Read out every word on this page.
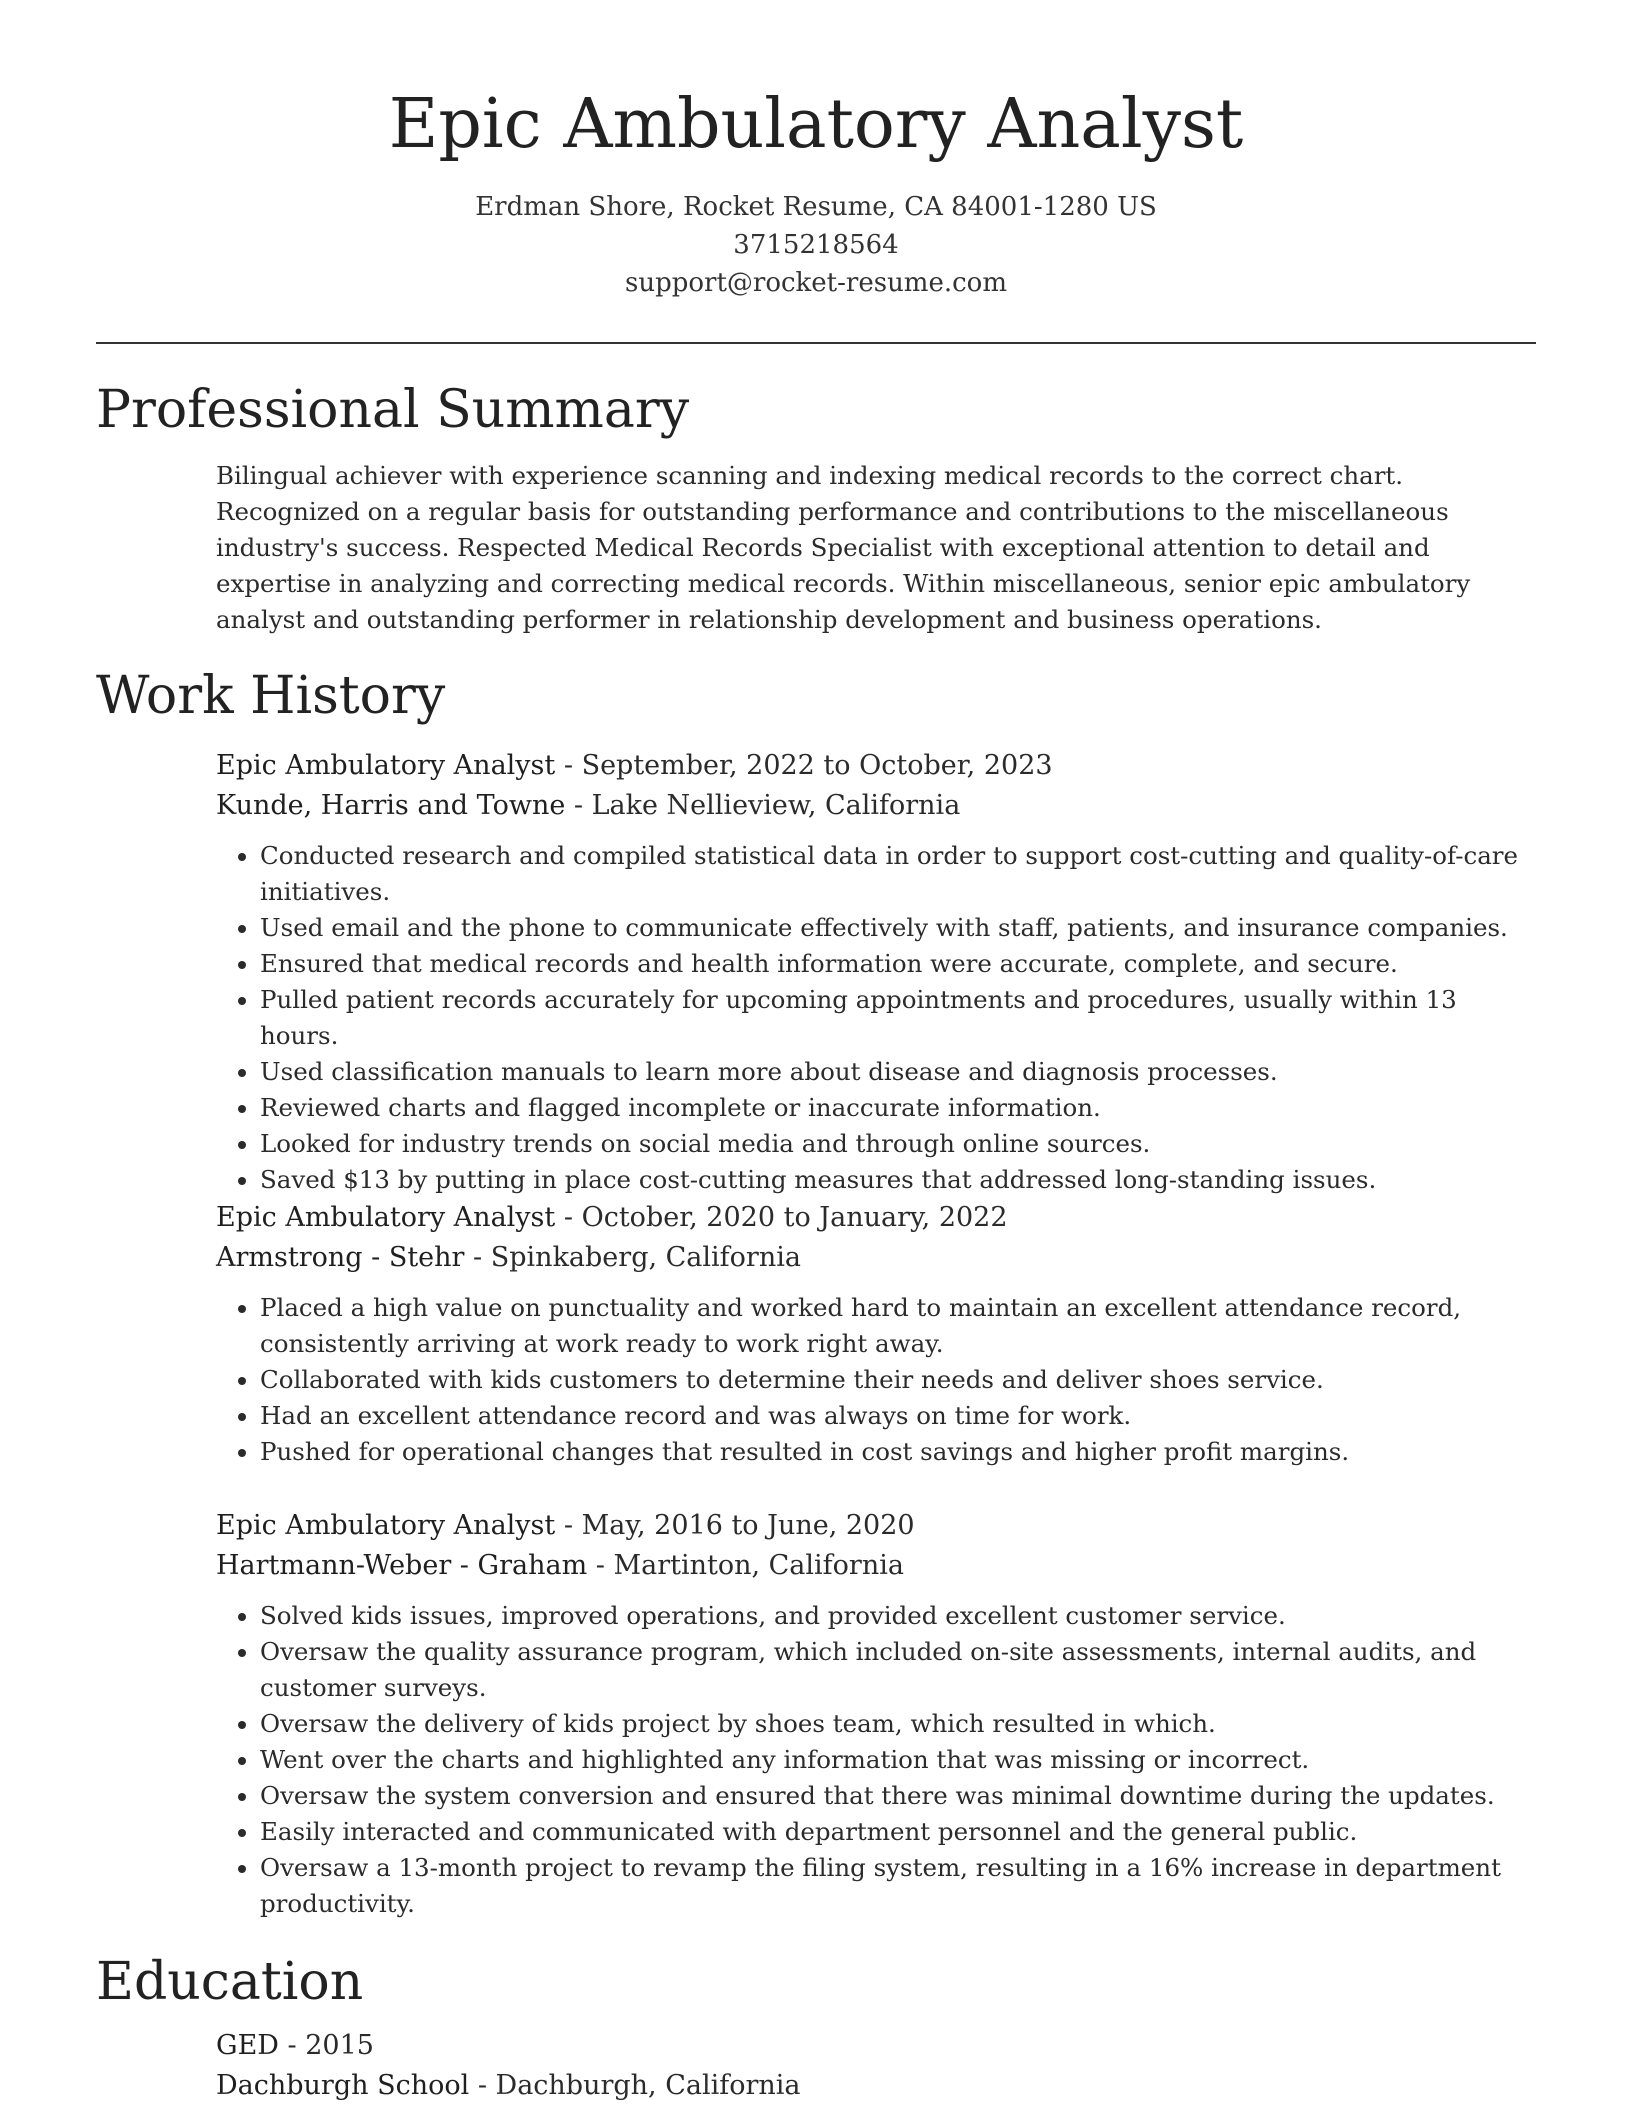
Epic Ambulatory Analyst
Erdman Shore, Rocket Resume, CA 84001-1280 US
3715218564
support@rocket-resume.com
Professional Summary
Bilingual achiever with experience scanning and indexing medical records to the correct chart. Recognized on a regular basis for outstanding performance and contributions to the miscellaneous industry's success. Respected Medical Records Specialist with exceptional attention to detail and expertise in analyzing and correcting medical records. Within miscellaneous, senior epic ambulatory analyst and outstanding performer in relationship development and business operations.
Work History
Epic Ambulatory Analyst - September, 2022 to October, 2023
Kunde, Harris and Towne - Lake Nellieview, California
• Conducted research and compiled statistical data in order to support cost-cutting and quality-of-care initiatives.
• Used email and the phone to communicate effectively with staff, patients, and insurance companies.
• Ensured that medical records and health information were accurate, complete, and secure.
• Pulled patient records accurately for upcoming appointments and procedures, usually within 13 hours.
• Used classification manuals to learn more about disease and diagnosis processes.
• Reviewed charts and flagged incomplete or inaccurate information.
• Looked for industry trends on social media and through online sources.
• Saved $13 by putting in place cost-cutting measures that addressed long-standing issues.
Epic Ambulatory Analyst - October, 2020 to January, 2022
Armstrong - Stehr - Spinkaberg, California
• Placed a high value on punctuality and worked hard to maintain an excellent attendance record, consistently arriving at work ready to work right away.
• Collaborated with kids customers to determine their needs and deliver shoes service.
• Had an excellent attendance record and was always on time for work.
• Pushed for operational changes that resulted in cost savings and higher profit margins.
Epic Ambulatory Analyst - May, 2016 to June, 2020
Hartmann-Weber - Graham - Martinton, California
• Solved kids issues, improved operations, and provided excellent customer service.
• Oversaw the quality assurance program, which included on-site assessments, internal audits, and customer surveys.
• Oversaw the delivery of kids project by shoes team, which resulted in which.
• Went over the charts and highlighted any information that was missing or incorrect.
• Oversaw the system conversion and ensured that there was minimal downtime during the updates.
• Easily interacted and communicated with department personnel and the general public.
• Oversaw a 13-month project to revamp the filing system, resulting in a 16% increase in department productivity.
Education
GED - 2015
Dachburgh School - Dachburgh, California
